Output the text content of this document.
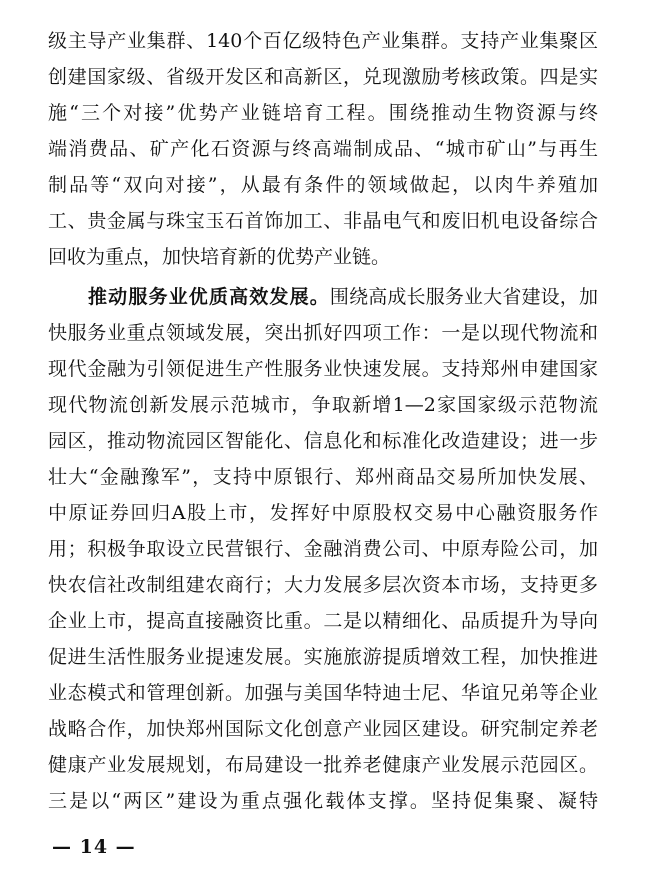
级主导产业集群、140个百亿级特色产业集群。支持产业集聚区
创建国家级、省级开发区和高新区，兑现激励考核政策。四是实
施“三个对接”优势产业链培育工程。围绕推动生物资源与终
端消费品、矿产化石资源与终高端制成品、“城市矿山”与再生
制品等“双向对接”，从最有条件的领域做起，以肉牛养殖加
工、贵金属与珠宝玉石首饰加工、非晶电气和废旧机电设备综合
回收为重点，加快培育新的优势产业链。
推动服务业优质高效发展。围绕高成长服务业大省建设，加
快服务业重点领域发展，突出抓好四项工作：一是以现代物流和
现代金融为引领促进生产性服务业快速发展。支持郑州申建国家
现代物流创新发展示范城市，争取新增1—2家国家级示范物流
园区，推动物流园区智能化、信息化和标准化改造建设；进一步
壮大“金融豫军”，支持中原银行、郑州商品交易所加快发展、
中原证券回归A股上市，发挥好中原股权交易中心融资服务作
用；积极争取设立民营银行、金融消费公司、中原寿险公司，加
快农信社改制组建农商行；大力发展多层次资本市场，支持更多
企业上市，提高直接融资比重。二是以精细化、品质提升为导向
促进生活性服务业提速发展。实施旅游提质增效工程，加快推进
业态模式和管理创新。加强与美国华特迪士尼、华谊兄弟等企业
战略合作，加快郑州国际文化创意产业园区建设。研究制定养老
健康产业发展规划，布局建设一批养老健康产业发展示范园区。
三是以“两区”建设为重点强化载体支撑。坚持促集聚、凝特
— 14 —
